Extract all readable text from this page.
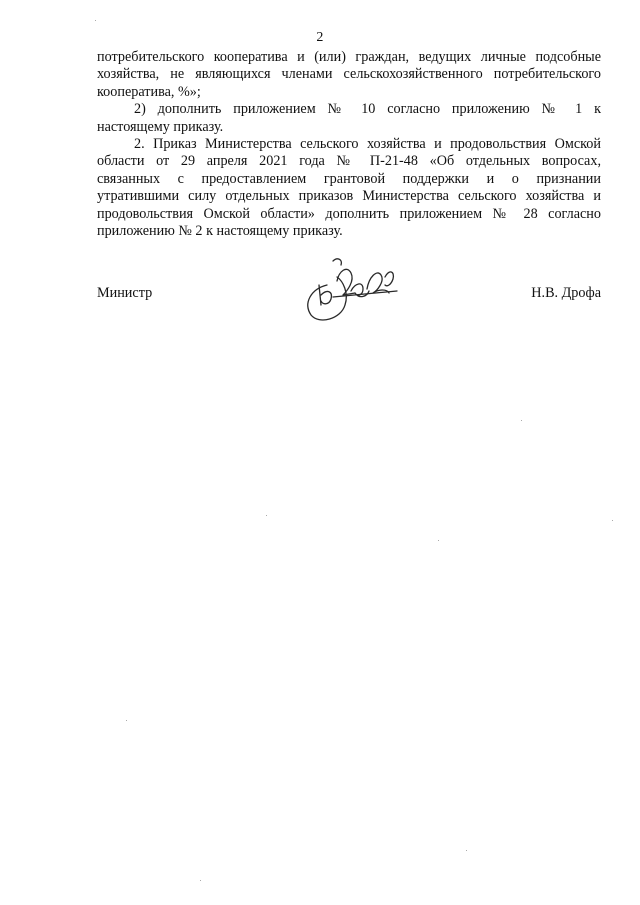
2

потребительского кооператива и (или) граждан, ведущих личные подсобные
хозяйства, не являющихся членами сельскохозяйственного потребительского
кооператива, %»;

2) дополнить приложением № 10 согласно приложению № 1 к
настоящему приказу.

2. Приказ Министерства сельского хозяйства и продовольствия Омской
области от 29 апреля 2021 года № П-21-48 «Об отдельных вопросах,
связанных с предоставлением грантовой поддержки и о признании
утратившими силу отдельных приказов Министерства сельского хозяйства и
продовольствия Омской области» дополнить приложением № 28 согласно
приложению № 2 к настоящему приказу.

Министр	Н.В. Дрофа
